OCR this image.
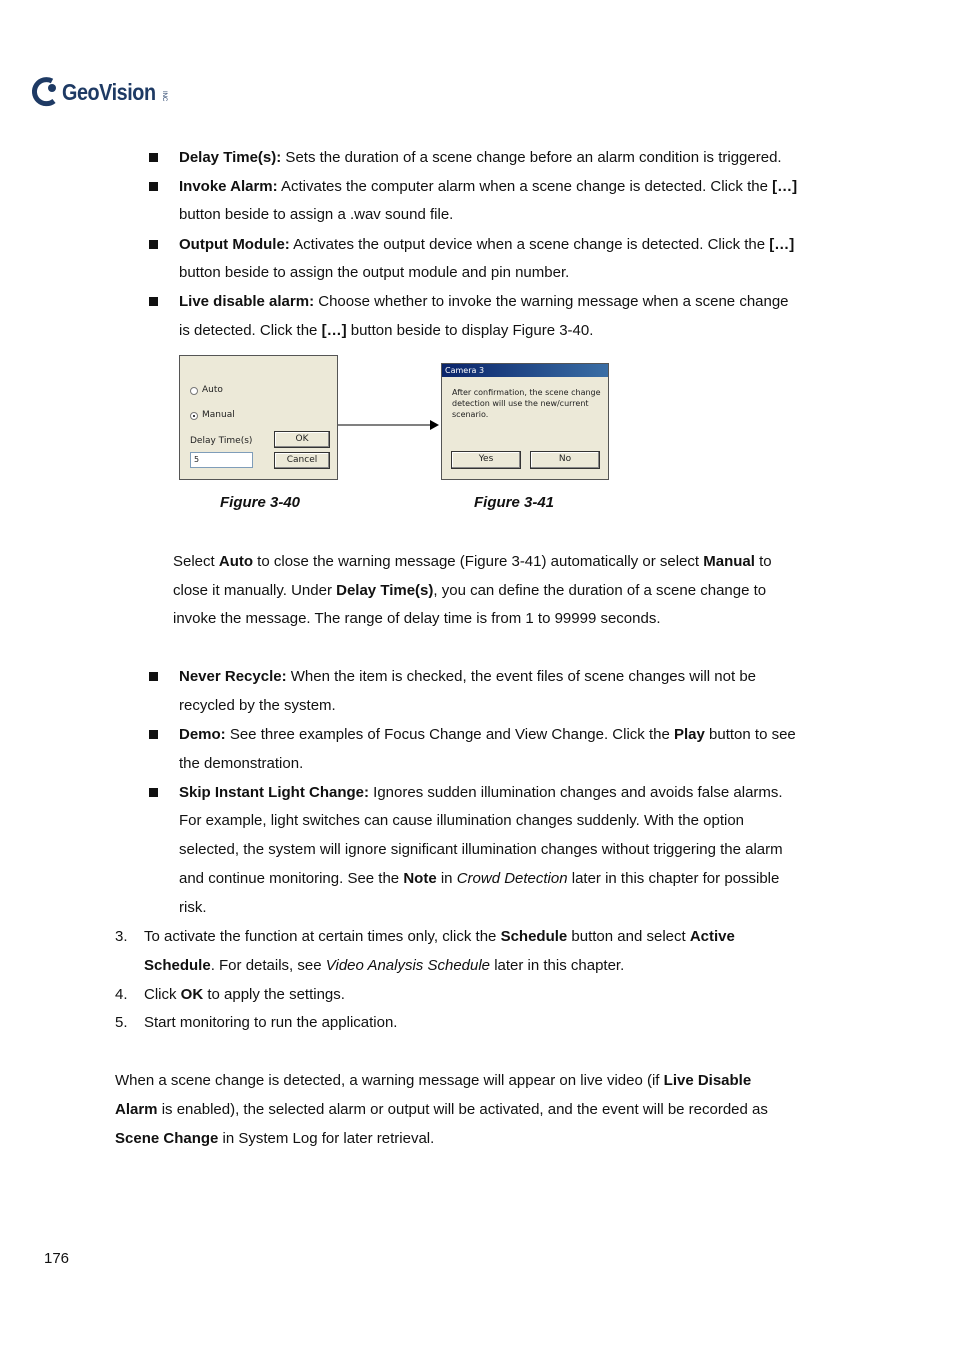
GeoVision INC
Delay Time(s): Sets the duration of a scene change before an alarm condition is triggered.
Invoke Alarm: Activates the computer alarm when a scene change is detected. Click the […]
button beside to assign a .wav sound file.
Output Module: Activates the output device when a scene change is detected. Click the […]
button beside to assign the output module and pin number.
Live disable alarm: Choose whether to invoke the warning message when a scene change
is detected. Click the […] button beside to display Figure 3-40.
Auto
Manual
Delay Time(s)
5
OK
Cancel
Camera 3
After confirmation, the scene change
detection will use the new/current
scenario.
Yes	No
Figure 3-40	Figure 3-41
Select Auto to close the warning message (Figure 3-41) automatically or select Manual to
close it manually. Under Delay Time(s), you can define the duration of a scene change to
invoke the message. The range of delay time is from 1 to 99999 seconds.
Never Recycle: When the item is checked, the event files of scene changes will not be
recycled by the system.
Demo: See three examples of Focus Change and View Change. Click the Play button to see
the demonstration.
Skip Instant Light Change: Ignores sudden illumination changes and avoids false alarms.
For example, light switches can cause illumination changes suddenly. With the option
selected, the system will ignore significant illumination changes without triggering the alarm
and continue monitoring. See the Note in Crowd Detection later in this chapter for possible
risk.
3. To activate the function at certain times only, click the Schedule button and select Active
Schedule. For details, see Video Analysis Schedule later in this chapter.
4. Click OK to apply the settings.
5. Start monitoring to run the application.
When a scene change is detected, a warning message will appear on live video (if Live Disable
Alarm is enabled), the selected alarm or output will be activated, and the event will be recorded as
Scene Change in System Log for later retrieval.
176
